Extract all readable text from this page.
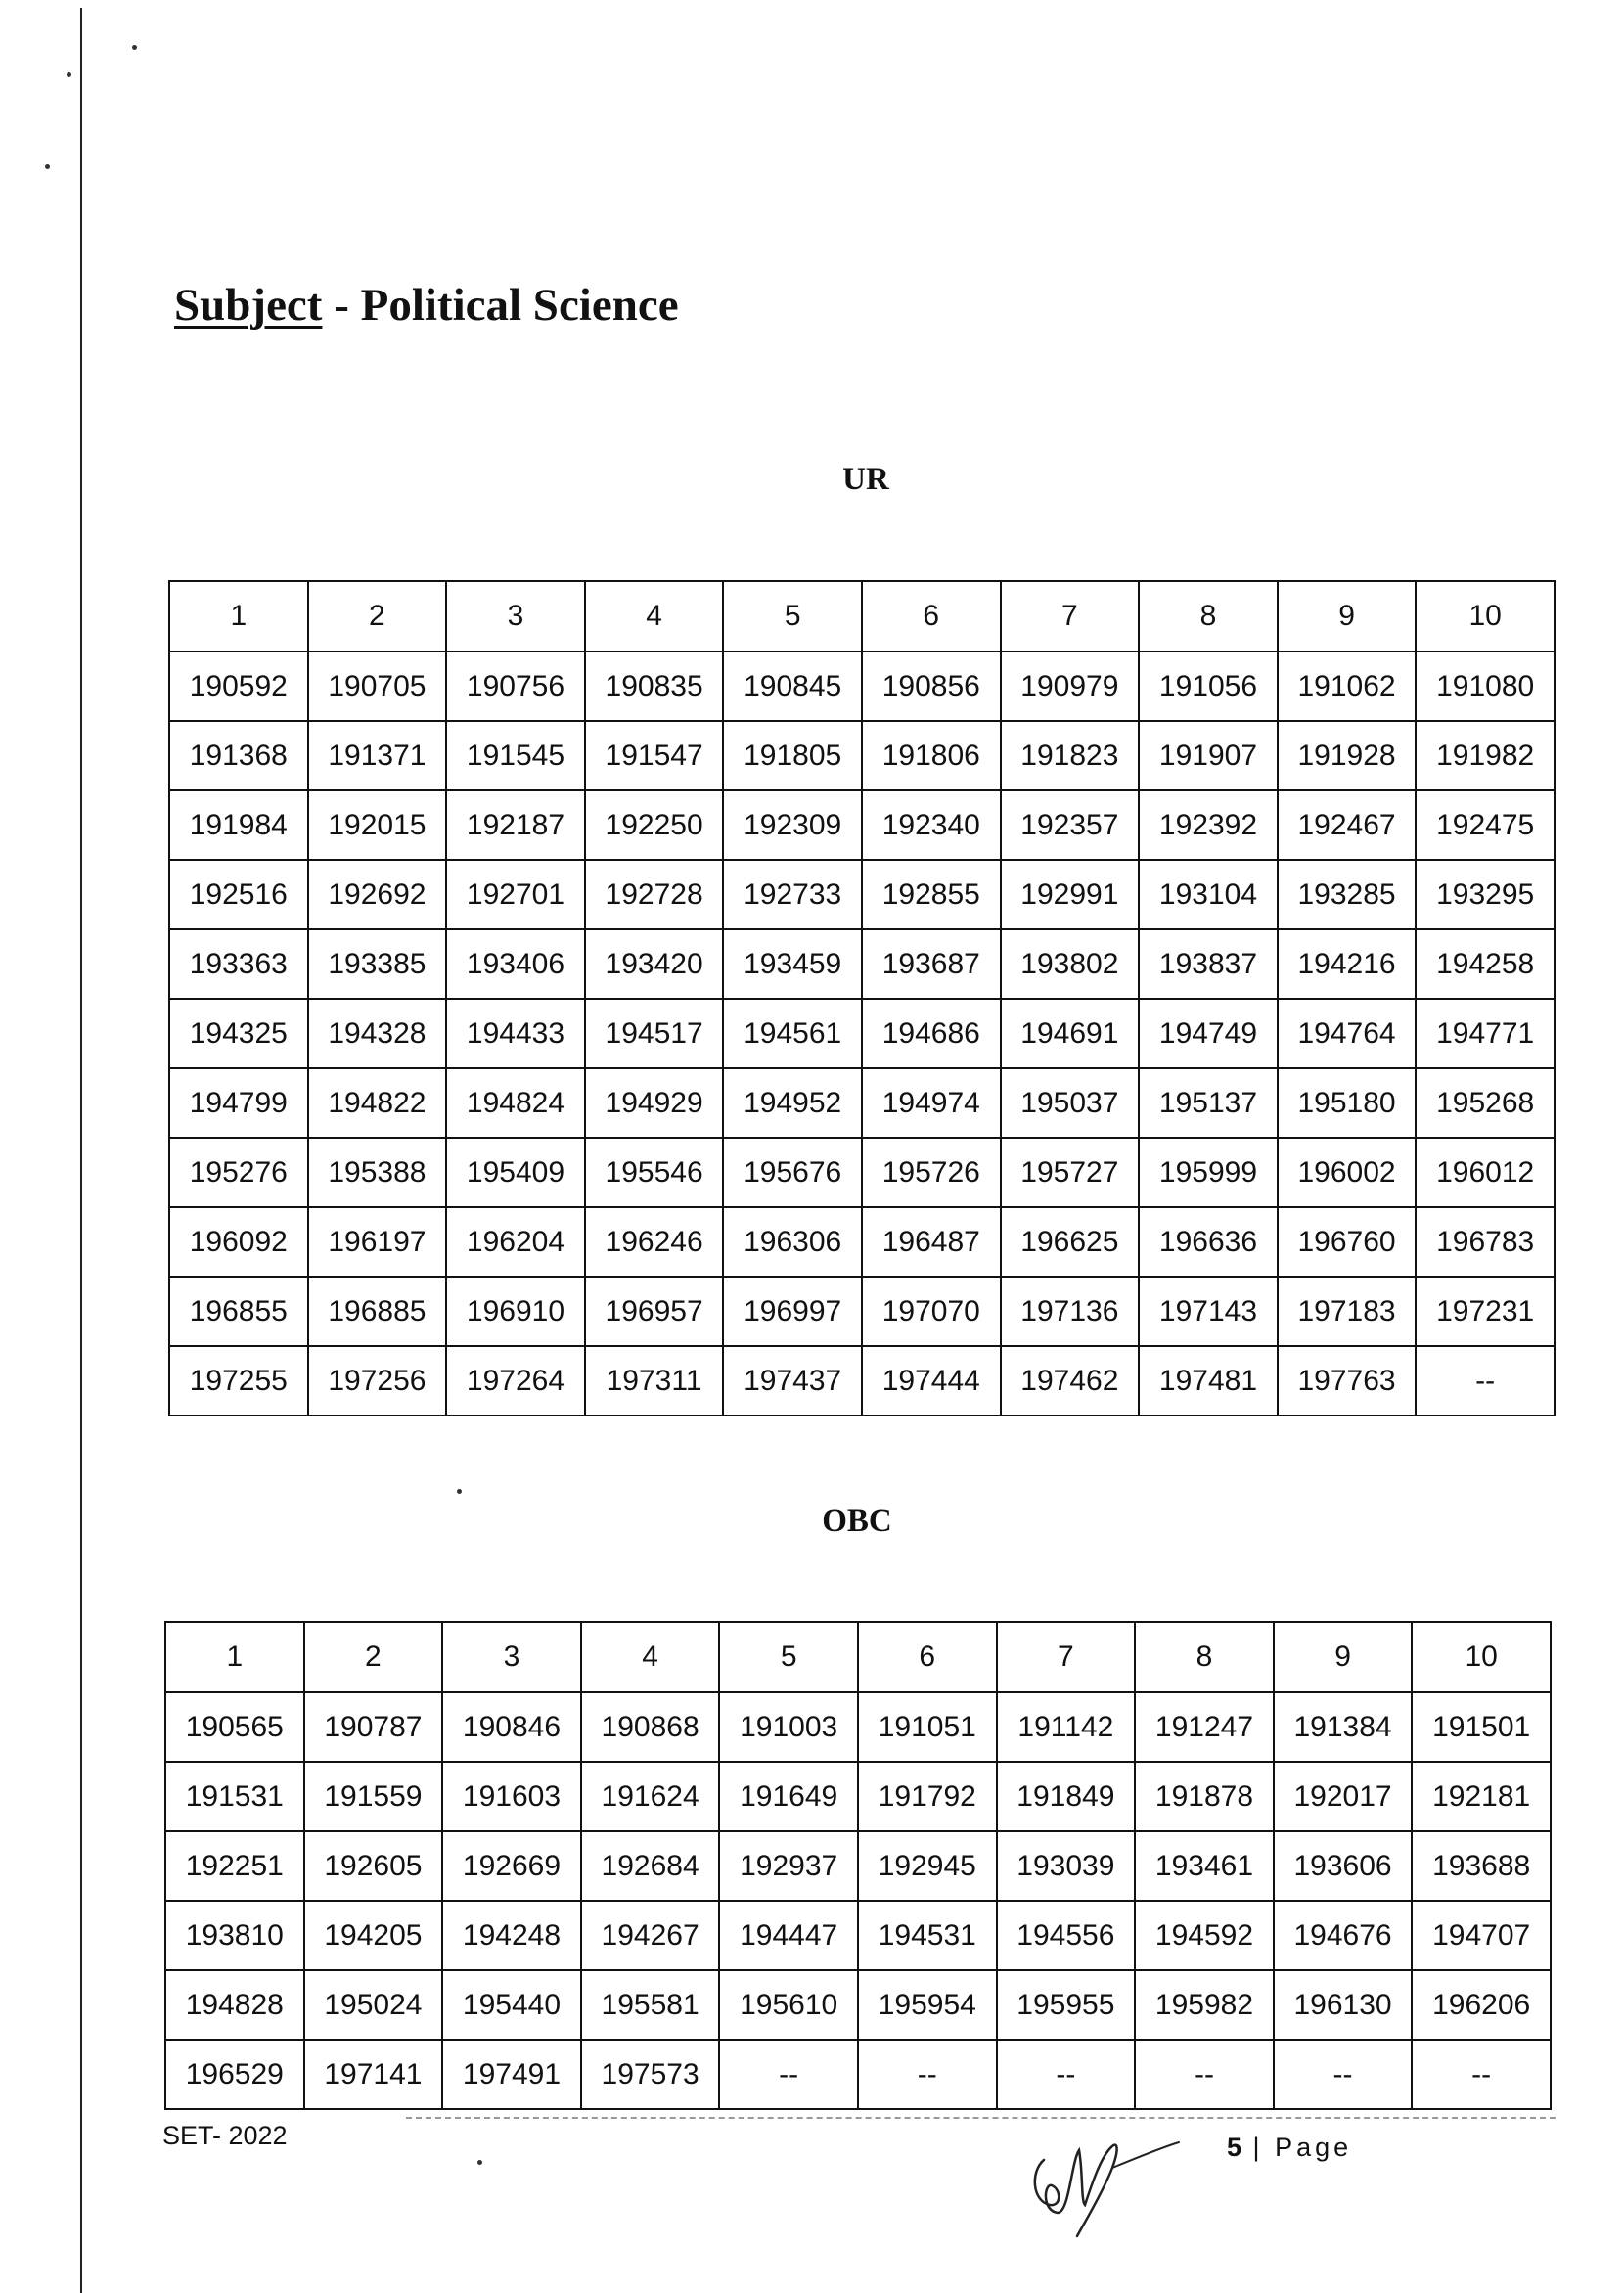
Subject - Political Science
UR
1	2	3	4	5	6	7	8	9	10
190592	190705	190756	190835	190845	190856	190979	191056	191062	191080
191368	191371	191545	191547	191805	191806	191823	191907	191928	191982
191984	192015	192187	192250	192309	192340	192357	192392	192467	192475
192516	192692	192701	192728	192733	192855	192991	193104	193285	193295
193363	193385	193406	193420	193459	193687	193802	193837	194216	194258
194325	194328	194433	194517	194561	194686	194691	194749	194764	194771
194799	194822	194824	194929	194952	194974	195037	195137	195180	195268
195276	195388	195409	195546	195676	195726	195727	195999	196002	196012
196092	196197	196204	196246	196306	196487	196625	196636	196760	196783
196855	196885	196910	196957	196997	197070	197136	197143	197183	197231
197255	197256	197264	197311	197437	197444	197462	197481	197763	--
OBC
1	2	3	4	5	6	7	8	9	10
190565	190787	190846	190868	191003	191051	191142	191247	191384	191501
191531	191559	191603	191624	191649	191792	191849	191878	192017	192181
192251	192605	192669	192684	192937	192945	193039	193461	193606	193688
193810	194205	194248	194267	194447	194531	194556	194592	194676	194707
194828	195024	195440	195581	195610	195954	195955	195982	196130	196206
196529	197141	197491	197573	--	--	--	--	--	--
SET- 2022	5 | Page
